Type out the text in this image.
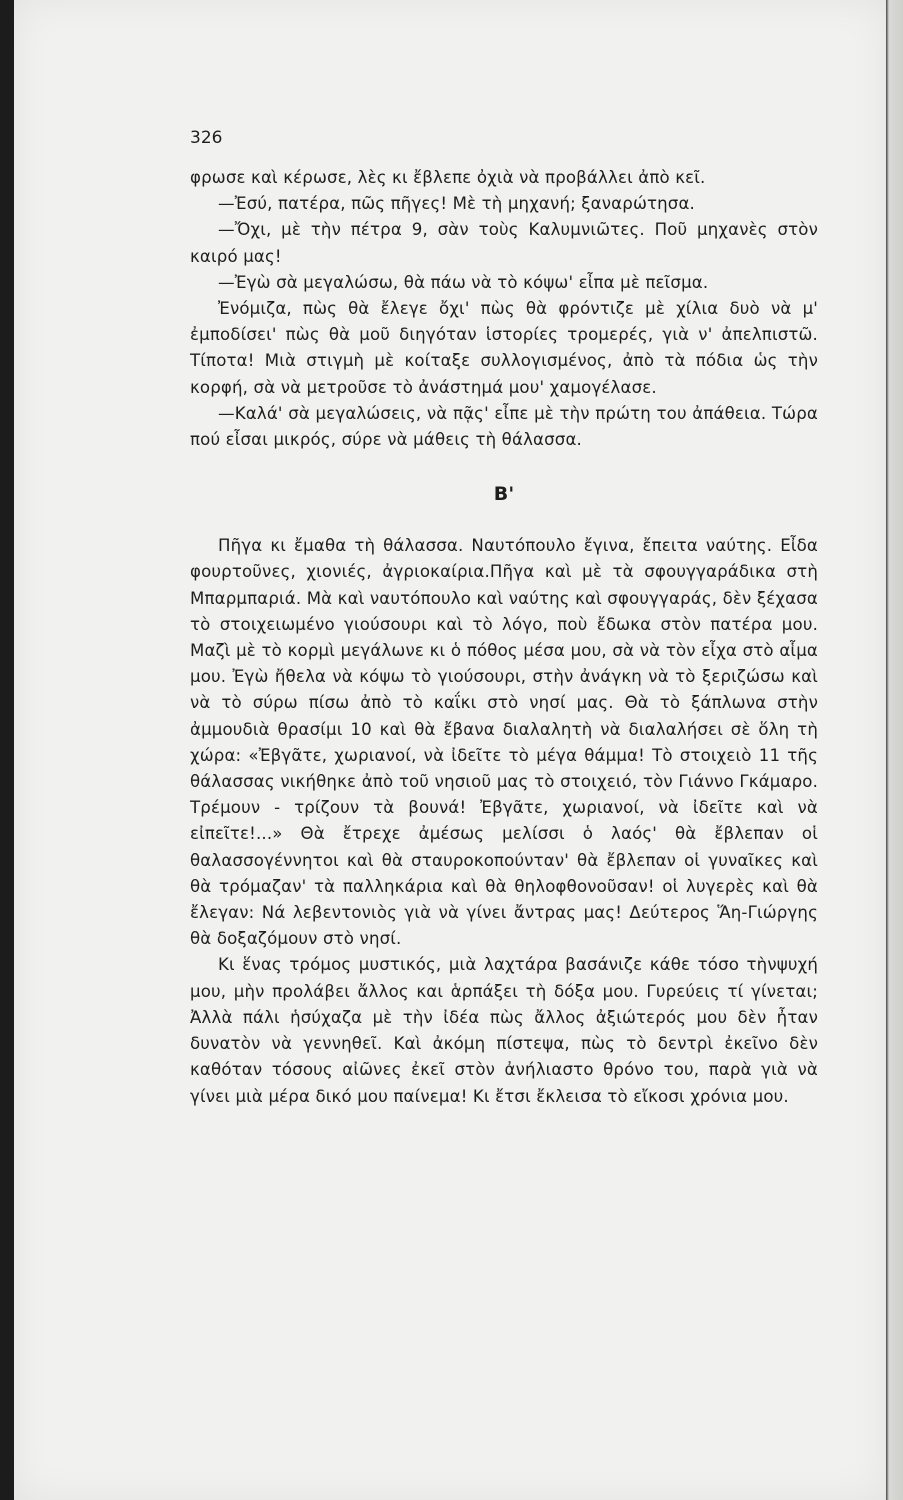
326

φρωσε καὶ κέρωσε, λὲς κι ἔβλεπε ὀχιὰ νὰ προβάλλει ἀπὸ κεῖ.

—Ἐσύ, πατέρα, πῶς πῆγες! Μὲ τὴ μηχανή; ξαναρώτησα.

—Ὄχι, μὲ τὴν πέτρα 9, σὰν τοὺς Καλυμνιῶτες. Ποῦ μηχανὲς στὸν καιρό μας!

—Ἐγὼ σὰ μεγαλώσω, θὰ πάω νὰ τὸ κόψω' εἶπα μὲ πεῖσμα.

Ἐνόμιζα, πὼς θὰ ἔλεγε ὄχι' πὼς θὰ φρόντιζε μὲ χίλια δυὸ νὰ μ' ἐμποδίσει' πὼς θὰ μοῦ διηγόταν ἱστορίες τρομερές, γιὰ ν' ἀπελπιστῶ. Τίποτα! Μιὰ στιγμὴ μὲ κοίταξε συλλογισμένος, ἀπὸ τὰ πόδια ὡς τὴν κορφή, σὰ νὰ μετροῦσε τὸ ἀνάστημά μου' χαμογέλασε.

—Καλά' σὰ μεγαλώσεις, νὰ πᾷς' εἶπε μὲ τὴν πρώτη του ἀπάθεια. Τώρα πού εἶσαι μικρός, σύρε νὰ μάθεις τὴ θάλασσα.

Β'

Πῆγα κι ἔμαθα τὴ θάλασσα. Ναυτόπουλο ἔγινα, ἔπειτα ναύτης. Εἶδα φουρτοῦνες, χιονιές, ἀγριοκαίρια.Πῆγα καὶ μὲ τὰ σφουγγαράδικα στὴ Μπαρμπαριά. Μὰ καὶ ναυτόπουλο καὶ ναύτης καὶ σφουγγαράς, δὲν ξέχασα τὸ στοιχειωμένο γιούσουρι καὶ τὸ λόγο, ποὺ ἔδωκα στὸν πατέρα μου. Μαζὶ μὲ τὸ κορμὶ μεγάλωνε κι ὁ πόθος μέσα μου, σὰ νὰ τὸν εἶχα στὸ αἷμα μου. Ἐγὼ ἤθελα νὰ κόψω τὸ γιούσουρι, στὴν ἀνάγκη νὰ τὸ ξεριζώσω καὶ νὰ τὸ σύρω πίσω ἀπὸ τὸ καΐκι στὸ νησί μας. Θὰ τὸ ξάπλωνα στὴν ἀμμουδιὰ θρασίμι 10 καὶ θὰ ἔβανα διαλαλητὴ νὰ διαλαλήσει σὲ ὅλη τὴ χώρα: «Ἐβγᾶτε, χωριανοί, νὰ ἰδεῖτε τὸ μέγα θάμμα! Τὸ στοιχειὸ 11 τῆς θάλασσας νικήθηκε ἀπὸ τοῦ νησιοῦ μας τὸ στοιχειό, τὸν Γιάννο Γκάμαρο. Τρέμουν - τρίζουν τὰ βουνά! Ἐβγᾶτε, χωριανοί, νὰ ἰδεῖτε καὶ νὰ εἰπεῖτε!...» Θὰ ἔτρεχε ἀμέσως μελίσσι ὁ λαός' θὰ ἔβλεπαν οἱ θαλασσογέννητοι καὶ θὰ σταυροκοπούνταν' θὰ ἔβλεπαν οἱ γυναῖκες καὶ θὰ τρόμαζαν' τὰ παλληκάρια καὶ θὰ θηλοφθονοῦσαν! οἱ λυγερὲς καὶ θὰ ἔλεγαν: Νά λεβεντονιὸς γιὰ νὰ γίνει ἄντρας μας! Δεύτερος Ἅη-Γιώργης θὰ δοξαζόμουν στὸ νησί.

Κι ἕνας τρόμος μυστικός, μιὰ λαχτάρα βασάνιζε κάθε τόσο τὴνψυχή μου, μὴν προλάβει ἄλλος και ἁρπάξει τὴ δόξα μου. Γυρεύεις τί γίνεται; Ἀλλὰ πάλι ἡσύχαζα μὲ τὴν ἰδέα πὼς ἄλλος ἀξιώτερός μου δὲν ἦταν δυνατὸν νὰ γεννηθεῖ. Καὶ ἀκόμη πίστεψα, πὼς τὸ δεντρὶ ἐκεῖνο δὲν καθόταν τόσους αἰῶνες ἐκεῖ στὸν ἀνήλιαστο θρόνο του, παρὰ γιὰ νὰ γίνει μιὰ μέρα δικό μου παίνεμα! Κι ἔτσι ἔκλεισα τὸ εἴκοσι χρόνια μου.
